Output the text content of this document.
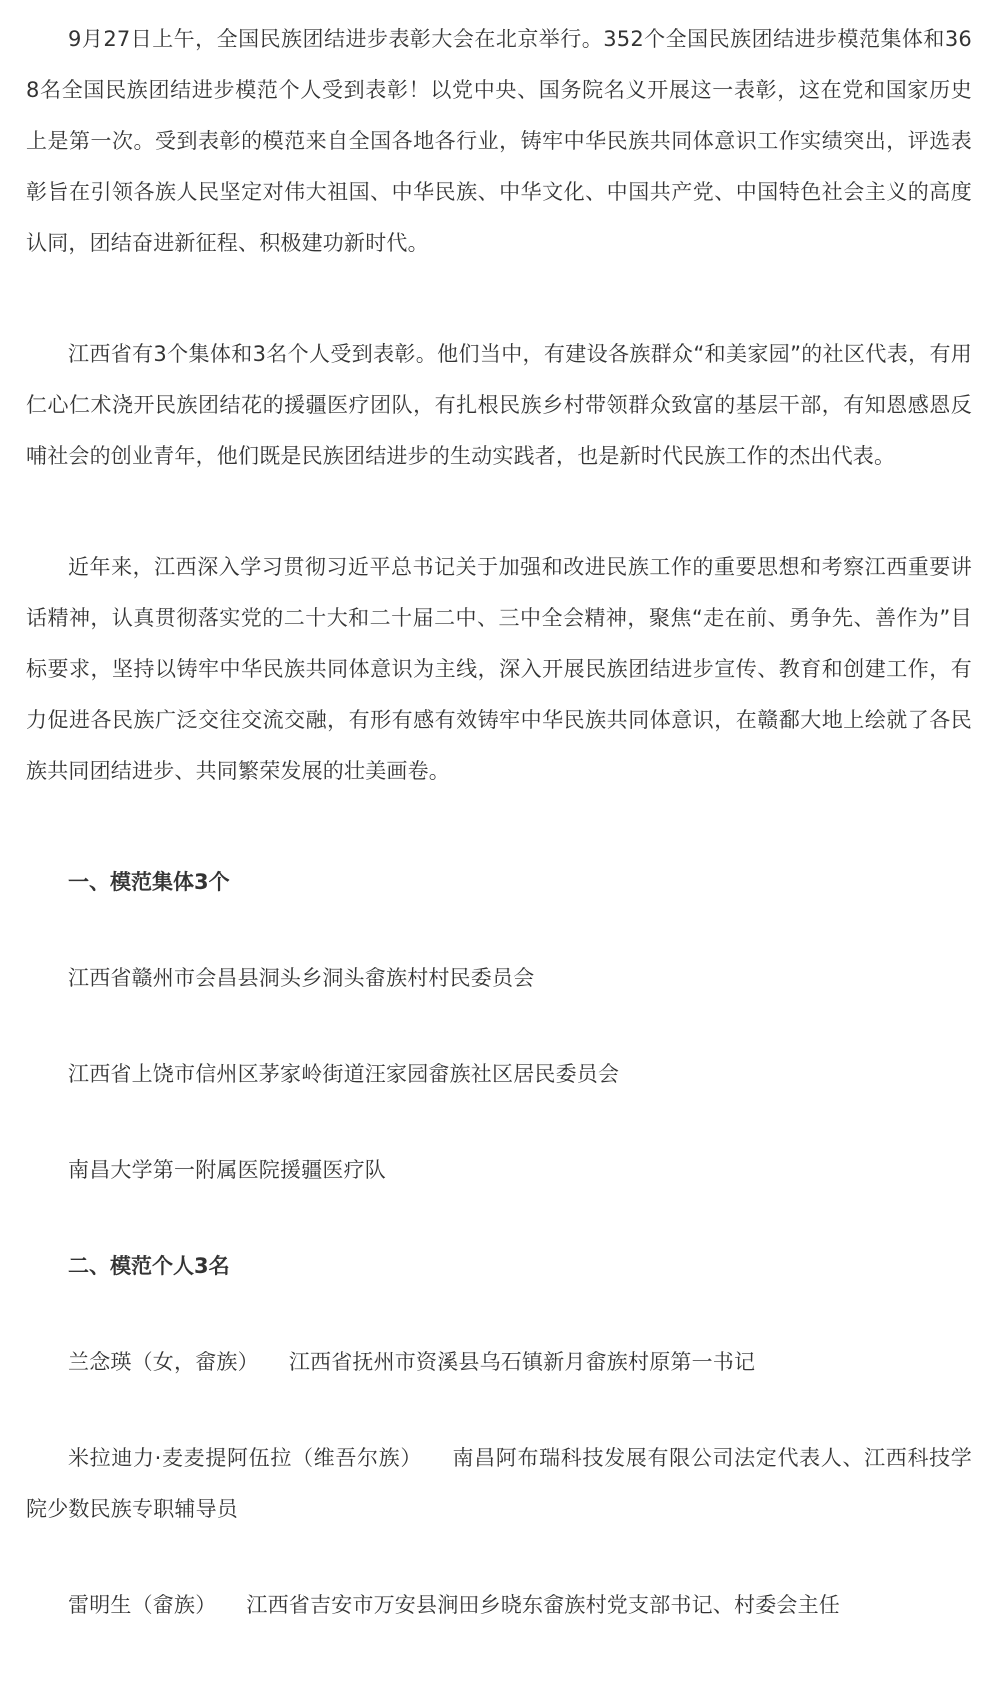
9月27日上午，全国民族团结进步表彰大会在北京举行。352个全国民族团结进步模范集体和368名全国民族团结进步模范个人受到表彰！以党中央、国务院名义开展这一表彰，这在党和国家历史上是第一次。受到表彰的模范来自全国各地各行业，铸牢中华民族共同体意识工作实绩突出，评选表彰旨在引领各族人民坚定对伟大祖国、中华民族、中华文化、中国共产党、中国特色社会主义的高度认同，团结奋进新征程、积极建功新时代。

江西省有3个集体和3名个人受到表彰。他们当中，有建设各族群众“和美家园”的社区代表，有用仁心仁术浇开民族团结花的援疆医疗团队，有扎根民族乡村带领群众致富的基层干部，有知恩感恩反哺社会的创业青年，他们既是民族团结进步的生动实践者，也是新时代民族工作的杰出代表。

近年来，江西深入学习贯彻习近平总书记关于加强和改进民族工作的重要思想和考察江西重要讲话精神，认真贯彻落实党的二十大和二十届二中、三中全会精神，聚焦“走在前、勇争先、善作为”目标要求，坚持以铸牢中华民族共同体意识为主线，深入开展民族团结进步宣传、教育和创建工作，有力促进各民族广泛交往交流交融，有形有感有效铸牢中华民族共同体意识，在赣鄱大地上绘就了各民族共同团结进步、共同繁荣发展的壮美画卷。

一、模范集体3个

江西省赣州市会昌县洞头乡洞头畲族村村民委员会

江西省上饶市信州区茅家岭街道汪家园畲族社区居民委员会

南昌大学第一附属医院援疆医疗队

二、模范个人3名

兰念瑛（女，畲族） 江西省抚州市资溪县乌石镇新月畲族村原第一书记

米拉迪力·麦麦提阿伍拉（维吾尔族） 南昌阿布瑞科技发展有限公司法定代表人、江西科技学院少数民族专职辅导员

雷明生（畲族） 江西省吉安市万安县涧田乡晓东畲族村党支部书记、村委会主任
